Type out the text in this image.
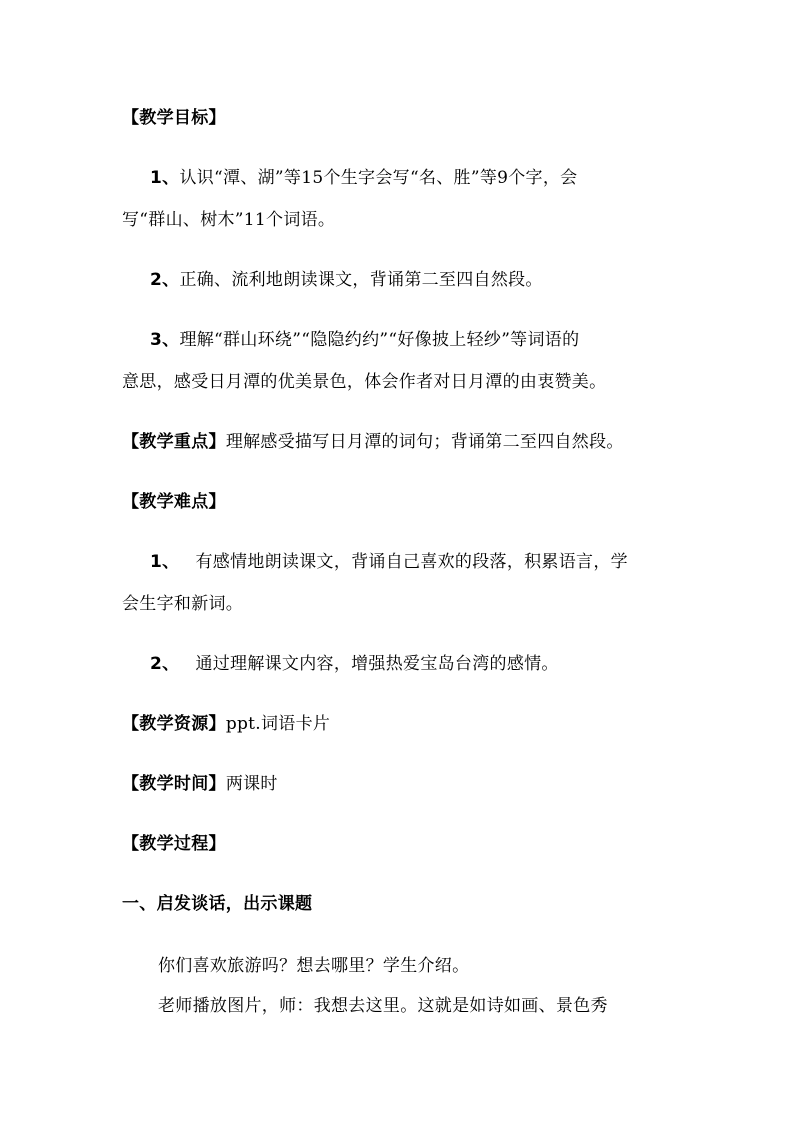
【教学目标】
1、认识“潭、湖”等15个生字会写“名、胜”等9个字，会
写“群山、树木”11个词语。
2、正确、流利地朗读课文，背诵第二至四自然段。
3、理解“群山环绕”“隐隐约约”“好像披上轻纱”等词语的
意思，感受日月潭的优美景色，体会作者对日月潭的由衷赞美。
【教学重点】理解感受描写日月潭的词句；背诵第二至四自然段。
【教学难点】
1、 有感情地朗读课文，背诵自己喜欢的段落，积累语言，学
会生字和新词。
2、 通过理解课文内容，增强热爱宝岛台湾的感情。
【教学资源】ppt.词语卡片
【教学时间】两课时
【教学过程】
一、启发谈话，出示课题
你们喜欢旅游吗？想去哪里？学生介绍。
老师播放图片，师：我想去这里。这就是如诗如画、景色秀
